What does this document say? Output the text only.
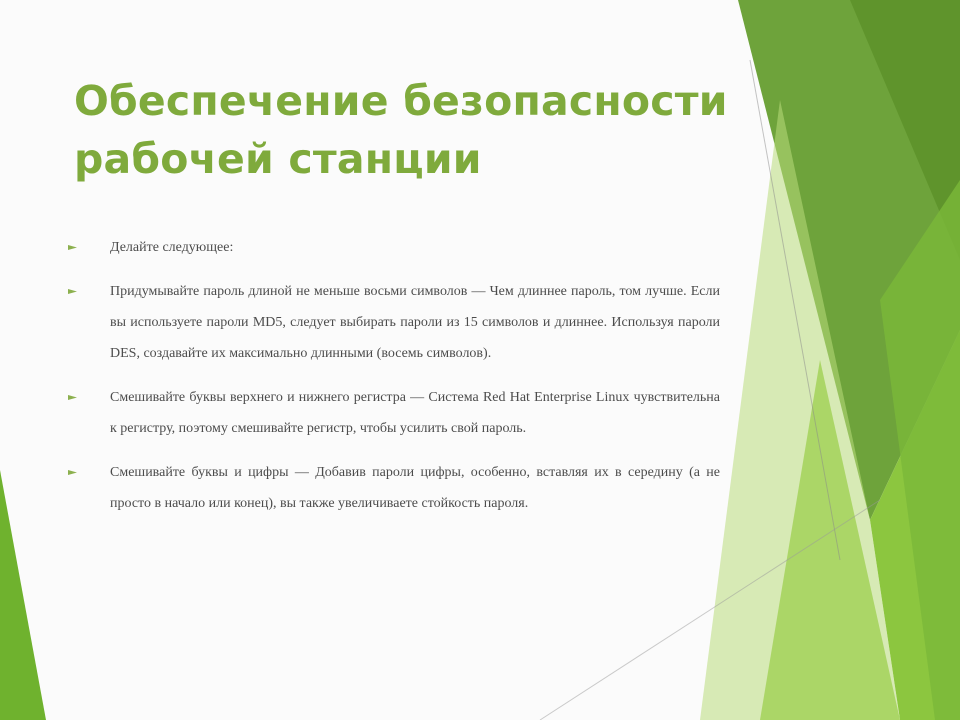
Обеспечение безопасности рабочей станции
Делайте следующее:
Придумывайте пароль длиной не меньше восьми символов — Чем длиннее пароль, том лучше. Если вы используете пароли MD5, следует выбирать пароли из 15 символов и длиннее. Используя пароли DES, создавайте их максимально длинными (восемь символов).
Смешивайте буквы верхнего и нижнего регистра — Система Red Hat Enterprise Linux чувствительна к регистру, поэтому смешивайте регистр, чтобы усилить свой пароль.
Смешивайте буквы и цифры — Добавив пароли цифры, особенно, вставляя их в середину (а не просто в начало или конец), вы также увеличиваете стойкость пароля.
